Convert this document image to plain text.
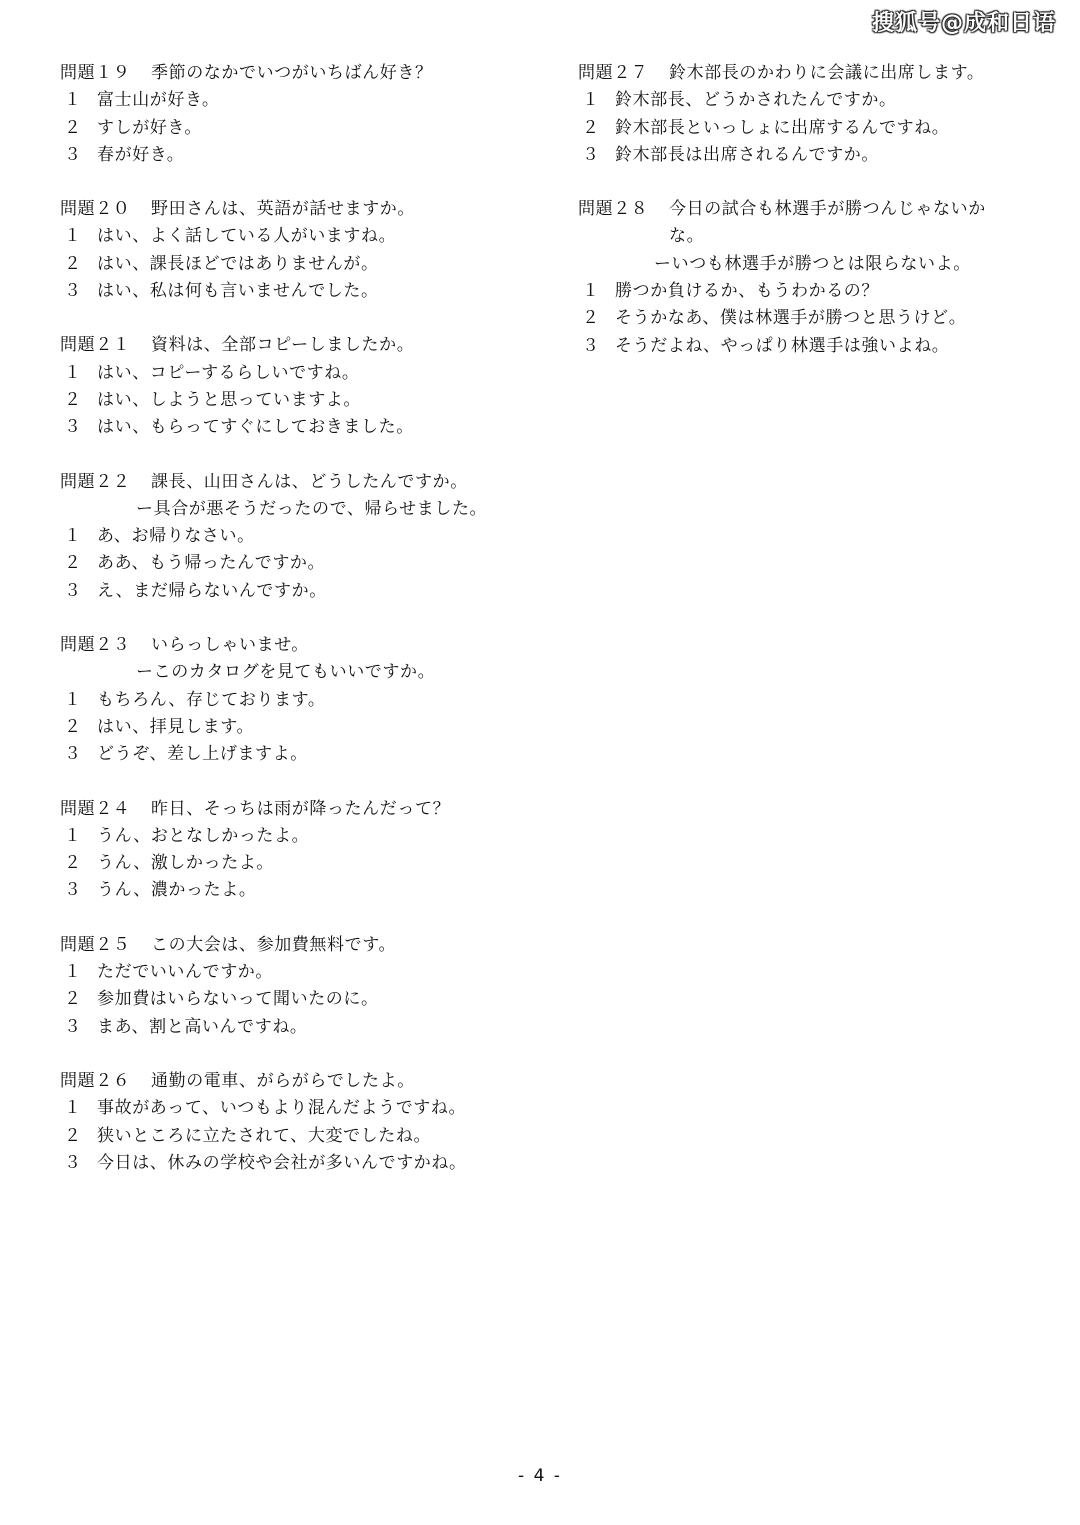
搜狐号@成和日语
問題１９ 季節のなかでいつがいちばん好き？
１ 富士山が好き。
２ すしが好き。
３ 春が好き。
問題２０ 野田さんは、英語が話せますか。
１ はい、よく話している人がいますね。
２ はい、課長ほどではありませんが。
３ はい、私は何も言いませんでした。
問題２１ 資料は、全部コピーしましたか。
１ はい、コピーするらしいですね。
２ はい、しようと思っていますよ。
３ はい、もらってすぐにしておきました。
問題２２ 課長、山田さんは、どうしたんですか。
ー具合が悪そうだったので、帰らせました。
１ あ、お帰りなさい。
２ ああ、もう帰ったんですか。
３ え、まだ帰らないんですか。
問題２３ いらっしゃいませ。
ーこのカタログを見てもいいですか。
１ もちろん、存じております。
２ はい、拝見します。
３ どうぞ、差し上げますよ。
問題２４ 昨日、そっちは雨が降ったんだって？
１ うん、おとなしかったよ。
２ うん、激しかったよ。
３ うん、濃かったよ。
問題２５ この大会は、参加費無料です。
１ ただでいいんですか。
２ 参加費はいらないって聞いたのに。
３ まあ、割と高いんですね。
問題２６ 通勤の電車、がらがらでしたよ。
１ 事故があって、いつもより混んだようですね。
２ 狭いところに立たされて、大変でしたね。
３ 今日は、休みの学校や会社が多いんですかね。
問題２７ 鈴木部長のかわりに会議に出席します。
１ 鈴木部長、どうかされたんですか。
２ 鈴木部長といっしょに出席するんですね。
３ 鈴木部長は出席されるんですか。
問題２８ 今日の試合も林選手が勝つんじゃないか
な。
ーいつも林選手が勝つとは限らないよ。
１ 勝つか負けるか、もうわかるの？
２ そうかなあ、僕は林選手が勝つと思うけど。
３ そうだよね、やっぱり林選手は強いよね。
- 4 -
